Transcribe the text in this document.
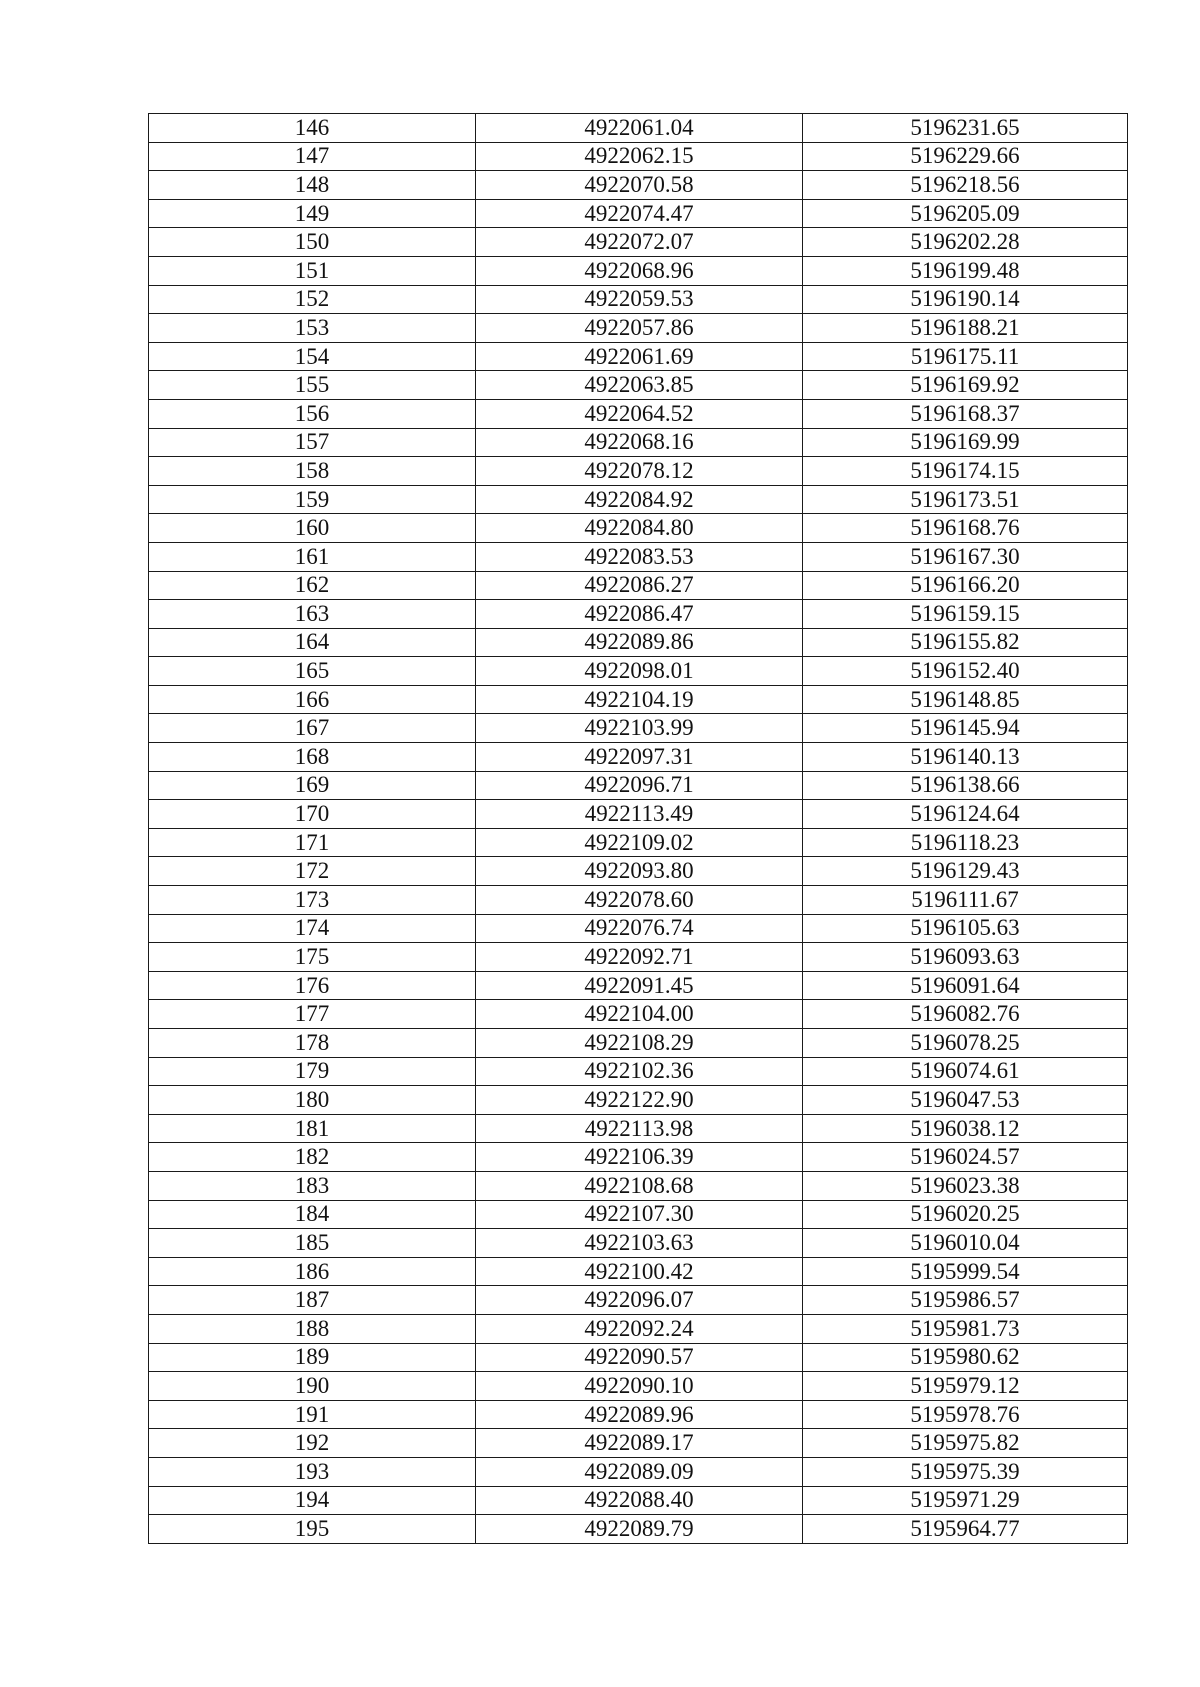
146	4922061.04	5196231.65
147	4922062.15	5196229.66
148	4922070.58	5196218.56
149	4922074.47	5196205.09
150	4922072.07	5196202.28
151	4922068.96	5196199.48
152	4922059.53	5196190.14
153	4922057.86	5196188.21
154	4922061.69	5196175.11
155	4922063.85	5196169.92
156	4922064.52	5196168.37
157	4922068.16	5196169.99
158	4922078.12	5196174.15
159	4922084.92	5196173.51
160	4922084.80	5196168.76
161	4922083.53	5196167.30
162	4922086.27	5196166.20
163	4922086.47	5196159.15
164	4922089.86	5196155.82
165	4922098.01	5196152.40
166	4922104.19	5196148.85
167	4922103.99	5196145.94
168	4922097.31	5196140.13
169	4922096.71	5196138.66
170	4922113.49	5196124.64
171	4922109.02	5196118.23
172	4922093.80	5196129.43
173	4922078.60	5196111.67
174	4922076.74	5196105.63
175	4922092.71	5196093.63
176	4922091.45	5196091.64
177	4922104.00	5196082.76
178	4922108.29	5196078.25
179	4922102.36	5196074.61
180	4922122.90	5196047.53
181	4922113.98	5196038.12
182	4922106.39	5196024.57
183	4922108.68	5196023.38
184	4922107.30	5196020.25
185	4922103.63	5196010.04
186	4922100.42	5195999.54
187	4922096.07	5195986.57
188	4922092.24	5195981.73
189	4922090.57	5195980.62
190	4922090.10	5195979.12
191	4922089.96	5195978.76
192	4922089.17	5195975.82
193	4922089.09	5195975.39
194	4922088.40	5195971.29
195	4922089.79	5195964.77
